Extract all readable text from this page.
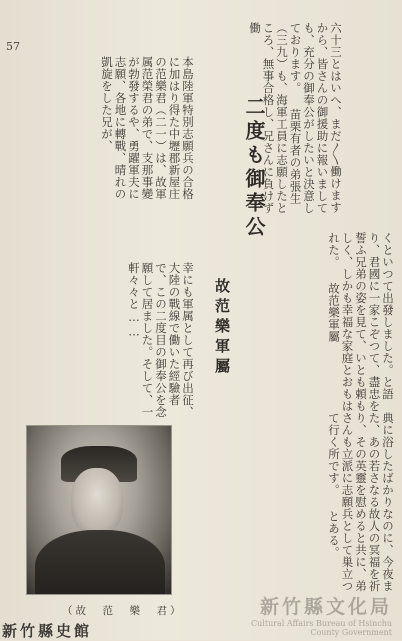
57	六十三とはいへ、まだ〳〵働けますから、皆さんの御援助に報いましても、充分の御奉公がしたいと決意しております。 苗栗有者の弟張生（三九）も、海軍工員に志願したところ、無事合格し、兄さんに負けず働
二度も御奉公
本島陸軍特別志願兵の合格に加はり得た中壢郡新屋庄の范樂君（二一）は、故軍属范榮君の弟で、支那事變が勃發するや、勇躍軍夫に志願、各地に轉戰、晴れの凱旋をした兄が、
故范樂軍屬
幸にも軍属として再び出征、大陸の戰線で働いた經驗者で、この二度目の御奉公を念願して居ました。そして、一軒々々と……	くといつて出發しました。と語り、君國に一家こぞつて、盡忠を誓ふ兄弟の姿を見て、いとも頼もしく、しかも幸福な家庭とおもはれた。 故范樂軍屬
典に浴したばかりなのに、今夜また、あの若さなる故人の冥福を祈り、その英靈を慰めると共に、弟さんも立派に志願兵として巣立つて行く所です。 とある。
（故　范　樂　君）
新竹縣史館
新竹縣文化局
Cultural Affairs Bureau of Hsinchu
County Government
